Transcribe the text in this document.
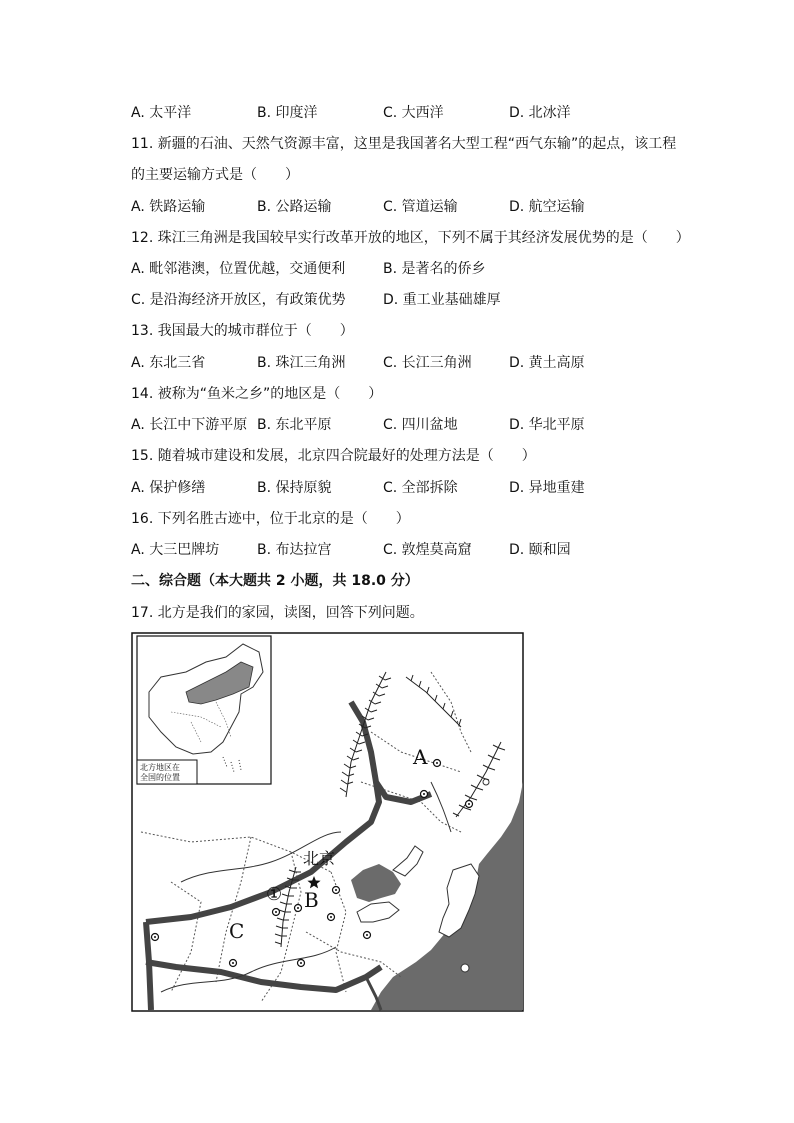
A. 太平洋	B. 印度洋	C. 大西洋	D. 北冰洋
11. 新疆的石油、天然气资源丰富，这里是我国著名大型工程“西气东输”的起点，该工程
的主要运输方式是（　　）
A. 铁路运输	B. 公路运输	C. 管道运输	D. 航空运输
12. 珠江三角洲是我国较早实行改革开放的地区，下列不属于其经济发展优势的是（　　）
A. 毗邻港澳，位置优越，交通便利	B. 是著名的侨乡
C. 是沿海经济开放区，有政策优势	D. 重工业基础雄厚
13. 我国最大的城市群位于（　　）
A. 东北三省	B. 珠江三角洲	C. 长江三角洲	D. 黄土高原
14. 被称为“鱼米之乡”的地区是（　　）
A. 长江中下游平原 B. 东北平原	C. 四川盆地	D. 华北平原
15. 随着城市建设和发展，北京四合院最好的处理方法是（　　）
A. 保护修缮	B. 保持原貌	C. 全部拆除	D. 异地重建
16. 下列名胜古迹中，位于北京的是（　　）
A. 大三巴牌坊	B. 布达拉宫	C. 敦煌莫高窟	D. 颐和园
二、综合题（本大题共 2 小题，共 18.0 分）
17. 北方是我们的家园，读图，回答下列问题。
北京
A
B
C
①
北方地区在
全国的位置
